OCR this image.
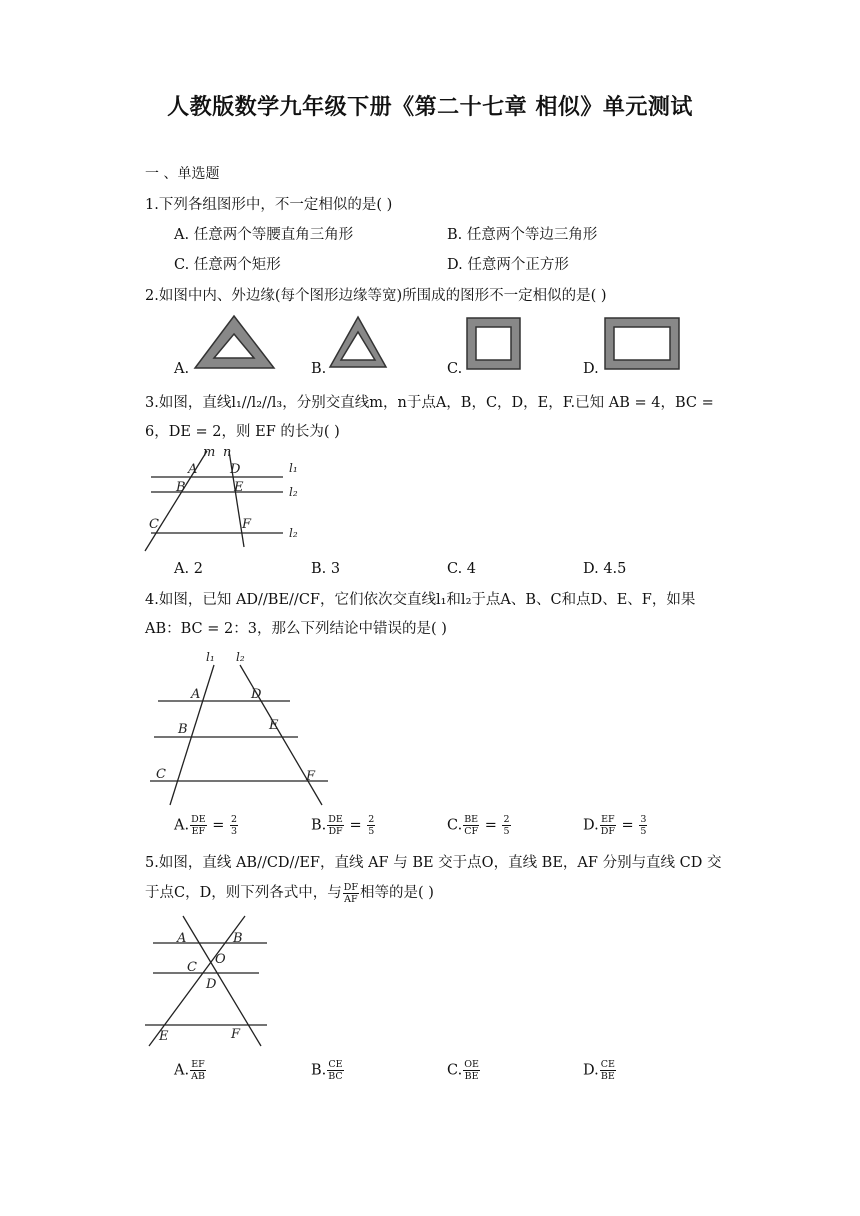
人教版数学九年级下册《第二十七章 相似》单元测试
一 、单选题
1.下列各组图形中，不一定相似的是( )
A. 任意两个等腰直角三角形	B. 任意两个等边三角形
C. 任意两个矩形	D. 任意两个正方形
2.如图中内、外边缘(每个图形边缘等宽)所围成的图形不一定相似的是( )
A.	B.	C.	D.
3.如图，直线l₁//l₂//l₃，分别交直线m，n于点A，B，C，D，E，F.已知 AB = 4，BC =
6，DE = 2，则 EF 的长为( )
m n
A	D
B	E
C	F
l₁
l₂
l₂
A. 2	B. 3	C. 4	D. 4.5
4.如图，已知 AD//BE//CF，它们依次交直线l₁和l₂于点A、B、C和点D、E、F，如果
AB：BC = 2：3，那么下列结论中错误的是( )
l₁ l₂
A	D
B	E
C	F
A. $\frac{DE}{EF} = \frac{2}{3}$	B. $\frac{DE}{DF} = \frac{2}{5}$	C. $\frac{BE}{CF} = \frac{2}{5}$	D. $\frac{EF}{DF} = \frac{3}{5}$
5.如图，直线 AB//CD//EF，直线 AF 与 BE 交于点O，直线 BE，AF 分别与直线 CD 交
于点C，D，则下列各式中，与 $\frac{DF}{AF}$ 相等的是( )
A	B
C
O
D
E	F
A. $\frac{EF}{AB}$	B. $\frac{CE}{BC}$	C. $\frac{OE}{BE}$	D. $\frac{CE}{BE}$
